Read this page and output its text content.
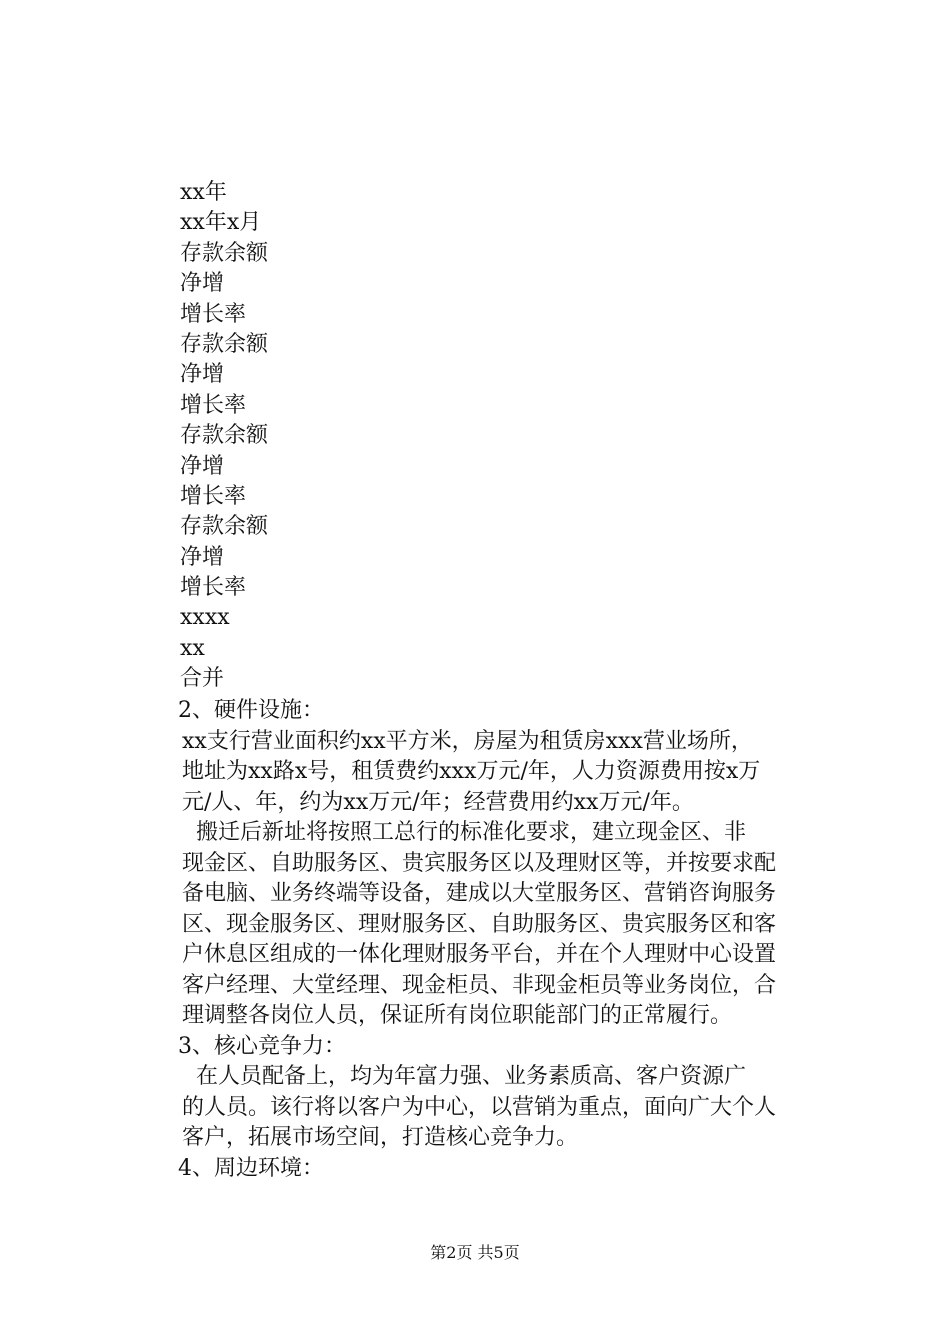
xx年
xx年x月
存款余额
净增
增长率
存款余额
净增
增长率
存款余额
净增
增长率
存款余额
净增
增长率
xxxx
xx
合并
2、硬件设施：
xx支行营业面积约xx平方米，房屋为租赁房xxx营业场所，
地址为xx路x号，租赁费约xxx万元/年，人力资源费用按x万
元/人、年，约为xx万元/年；经营费用约xx万元/年。
搬迁后新址将按照工总行的标准化要求，建立现金区、非
现金区、自助服务区、贵宾服务区以及理财区等，并按要求配
备电脑、业务终端等设备，建成以大堂服务区、营销咨询服务
区、现金服务区、理财服务区、自助服务区、贵宾服务区和客
户休息区组成的一体化理财服务平台，并在个人理财中心设置
客户经理、大堂经理、现金柜员、非现金柜员等业务岗位，合
理调整各岗位人员，保证所有岗位职能部门的正常履行。
3、核心竞争力：
在人员配备上，均为年富力强、业务素质高、客户资源广
的人员。该行将以客户为中心，以营销为重点，面向广大个人
客户，拓展市场空间，打造核心竞争力。
4、周边环境：
第2页 共5页
